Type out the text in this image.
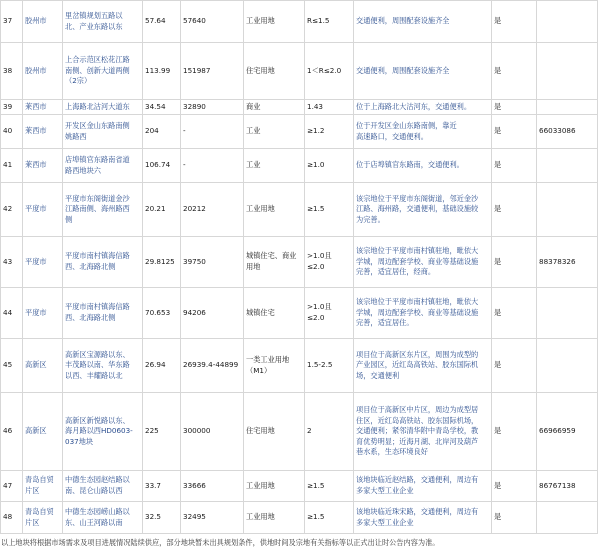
37	胶州市	里岔镇规划五路以
北、产业东路以东	57.64	57640	工业用地	R≤1.5	交通便利，周围配套设施齐全	是	
38	胶州市	上合示范区松花江路
南侧、创新大道两侧
（2宗）	113.99	151987	住宅用地	1＜R≤2.0	交通便利，周围配套设施齐全	是	
39	莱西市	上海路北沽河大道东	34.54	32890	商业	1.43	位于上海路北大沽河东，交通便利。	是	
40	莱西市	开发区金山东路南侧
姚路西	204	-	工业	≥1.2	位于开发区金山东路南侧，靠近
高速路口，交通便利。	是	66033086
41	莱西市	店埠镇官东路南省道
路西地块六	106.74	-	工业	≥1.0	位于店埠镇官东路南，交通便利。	是	
42	平度市	平度市东阁街道金沙
江路南侧、海州路西
侧	20.21	20212	工业用地	≥1.5	该宗地位于平度市东阁街道，邻近金沙
江路、海州路，交通便利，基础设施较
为完善。	是	
43	平度市	平度市南村镇海信路
西、北海路北侧	29.8125	39750	城镇住宅、商业用地	>1.0且
≤2.0	该宗地位于平度市南村镇驻地，毗依大
学城，周边配套学校、商业等基础设施
完善，适宜居住，经商。	是	88378326
44	平度市	平度市南村镇海信路
西、北海路北侧	70.653	94206	城镇住宅	>1.0且
≤2.0	该宗地位于平度市南村镇驻地，毗依大
学城，周边配套学校、商业等基础设施
完善，适宜居住。	是	
45	高新区	高新区宝源路以东、
丰茂路以南、华东路
以西、丰耀路以北	26.94	26939.4-44899	一类工业用地
（M1）	1.5-2.5	项目位于高新区东片区，周围为成型的
产业园区，近红岛高铁站、胶东国际机
场，交通便利	是	
46	高新区	高新区新悦路以东、
海月路以西HD0603-
037地块	225	300000	住宅用地	2	项目位于高新区中片区，周边为成型居
住区，近红岛高铁站、胶东国际机场，
交通便利；紧邻清华附中青岛学校，教
育优势明显；近海月湖、北岸河及葫芦
巷水系，生态环境良好	是	66966959
47	青岛自贸片区	中德生态园赵结路以
南、昆仑山路以西	33.7	33666	工业用地	≥1.5	该地块临近赵结路，交通便利，周边有
多家大型工业企业	是	86767138
48	青岛自贸片区	中德生态园崂山路以
东、山王河路以南	32.5	32495	工业用地	≥1.5	该地块临近珠宋路，交通便利，周边有
多家大型工业企业	是	
以上地块将根据市场需求及项目进展情况陆续供应，部分地块暂未出具规划条件，供地时间及宗地有关指标等以正式出让时公告内容为准。
